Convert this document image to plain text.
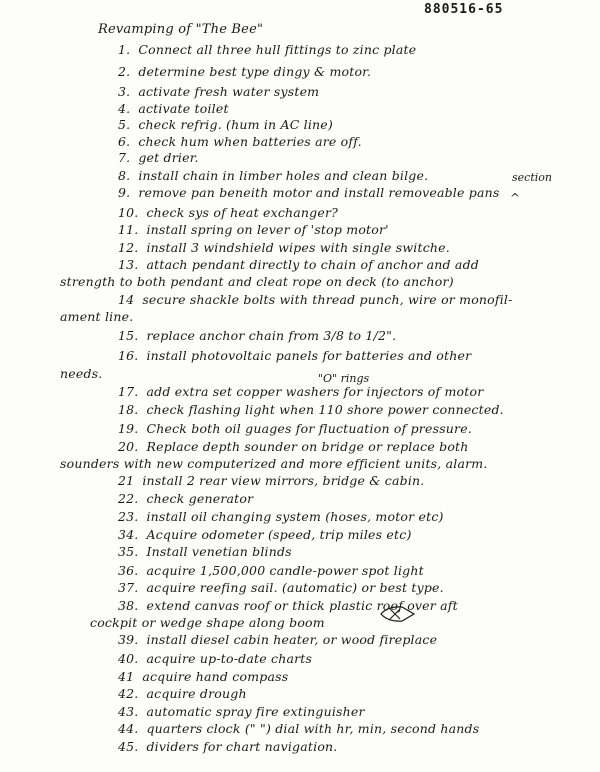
880516-65
Revamping of "The Bee"
1. Connect all three hull fittings to zinc plate
2. determine best type dingy & motor.
3. activate fresh water system
4. activate toilet
5. check refrig. (hum in AC line)
6. check hum when batteries are off.
7. get drier.
8. install chain in limber holes and clean bilge.
9. remove pan beneith motor and install removeable pans
10. check sys of heat exchanger?
11. install spring on lever of 'stop motor'
12. install 3 windshield wipes with single switche.
13. attach pendant directly to chain of anchor and add
strength to both pendant and cleat rope on deck (to anchor)
14 secure shackle bolts with thread punch, wire or monofil-
ament line.
15. replace anchor chain from 3/8 to 1/2".
16. install photovoltaic panels for batteries and other
needs.
17. add extra set copper washers for injectors of motor
18. check flashing light when 110 shore power connected.
19. Check both oil guages for fluctuation of pressure.
20. Replace depth sounder on bridge or replace both
sounders with new computerized and more efficient units, alarm.
21 install 2 rear view mirrors, bridge & cabin.
22. check generator
23. install oil changing system (hoses, motor etc)
34. Acquire odometer (speed, trip miles etc)
35. Install venetian blinds
36. acquire 1,500,000 candle-power spot light
37. acquire reefing sail. (automatic) or best type.
38. extend canvas roof or thick plastic roof over aft
cockpit or wedge shape along boom
39. install diesel cabin heater, or wood fireplace
40. acquire up-to-date charts
41 acquire hand compass
42. acquire drough
43. automatic spray fire extinguisher
44. quarters clock (" ") dial with hr, min, second hands
45. dividers for chart navigation.
section
^
"O" rings
